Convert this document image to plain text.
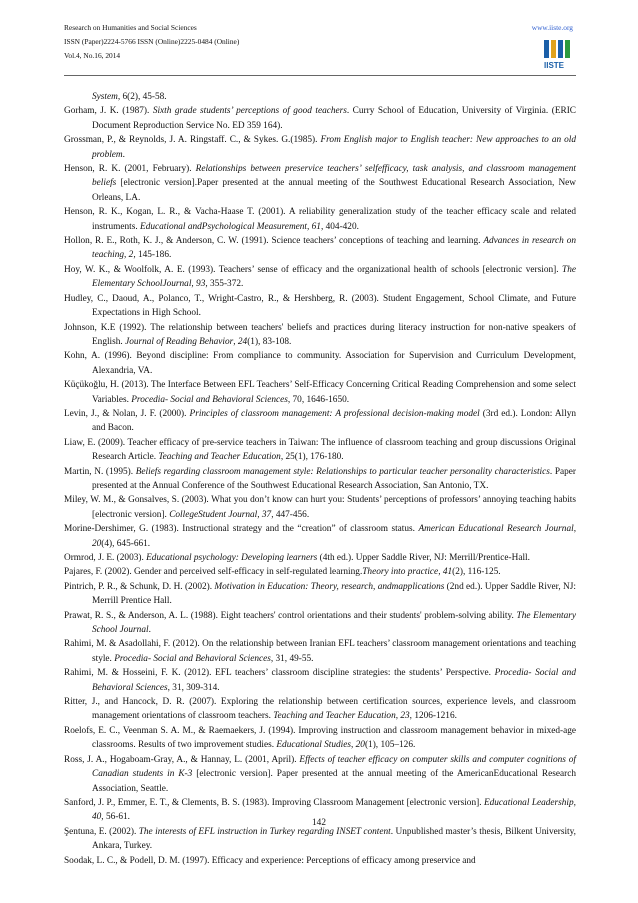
Research on Humanities and Social Sciences
ISSN (Paper)2224-5766 ISSN (Online)2225-0484 (Online)
Vol.4, No.16, 2014
www.iiste.org
IISTE
System, 6(2), 45-58.
Gorham, J. K. (1987). Sixth grade students’ perceptions of good teachers. Curry School of Education, University of Virginia. (ERIC Document Reproduction Service No. ED 359 164).
Grossman, P., & Reynolds, J. A. Ringstaff. C., & Sykes. G.(1985). From English major to English teacher: New approaches to an old problem.
Henson, R. K. (2001, February). Relationships between preservice teachers’ selfefficacy, task analysis, and classroom management beliefs [electronic version].Paper presented at the annual meeting of the Southwest Educational Research Association, New Orleans, LA.
Henson, R. K., Kogan, L. R., & Vacha-Haase T. (2001). A reliability generalization study of the teacher efficacy scale and related instruments. Educational andPsychological Measurement, 61, 404-420.
Hollon, R. E., Roth, K. J., & Anderson, C. W. (1991). Science teachers’ conceptions of teaching and learning. Advances in research on teaching, 2, 145-186.
Hoy, W. K., & Woolfolk, A. E. (1993). Teachers’ sense of efficacy and the organizational health of schools [electronic version]. The Elementary SchoolJournal, 93, 355-372.
Hudley, C., Daoud, A., Polanco, T., Wright-Castro, R., & Hershberg, R. (2003). Student Engagement, School Climate, and Future Expectations in High School.
Johnson, K.E (1992). The relationship between teachers' beliefs and practices during literacy instruction for non-native speakers of English. Journal of Reading Behavior, 24(1), 83-108.
Kohn, A. (1996). Beyond discipline: From compliance to community. Association for Supervision and Curriculum Development, Alexandria, VA.
Küçükoğlu, H. (2013). The Interface Between EFL Teachers’ Self-Efficacy Concerning Critical Reading Comprehension and some select Variables. Procedia- Social and Behavioral Sciences, 70, 1646-1650.
Levin, J., & Nolan, J. F. (2000). Principles of classroom management: A professional decision-making model (3rd ed.). London: Allyn and Bacon.
Liaw, E. (2009). Teacher efficacy of pre-service teachers in Taiwan: The influence of classroom teaching and group discussions Original Research Article. Teaching and Teacher Education, 25(1), 176-180.
Martin, N. (1995). Beliefs regarding classroom management style: Relationships to particular teacher personality characteristics. Paper presented at the Annual Conference of the Southwest Educational Research Association, San Antonio, TX.
Miley, W. M., & Gonsalves, S. (2003). What you don’t know can hurt you: Students’ perceptions of professors’ annoying teaching habits [electronic version]. CollegeStudent Journal, 37, 447-456.
Morine-Dershimer, G. (1983). Instructional strategy and the “creation” of classroom status. American Educational Research Journal, 20(4), 645-661.
Ormrod, J. E. (2003). Educational psychology: Developing learners (4th ed.). Upper Saddle River, NJ: Merrill/Prentice-Hall.
Pajares, F. (2002). Gender and perceived self-efficacy in self-regulated learning.Theory into practice, 41(2), 116-125.
Pintrich, P. R., & Schunk, D. H. (2002). Motivation in Education: Theory, research, andmapplications (2nd ed.). Upper Saddle River, NJ: Merrill Prentice Hall.
Prawat, R. S., & Anderson, A. L. (1988). Eight teachers' control orientations and their students' problem-solving ability. The Elementary School Journal.
Rahimi, M. & Asadollahi, F. (2012). On the relationship between Iranian EFL teachers’ classroom management orientations and teaching style. Procedia- Social and Behavioral Sciences, 31, 49-55.
Rahimi, M. & Hosseini, F. K. (2012). EFL teachers’ classroom discipline strategies: the students’ Perspective. Procedia- Social and Behavioral Sciences, 31, 309-314.
Ritter, J., and Hancock, D. R. (2007). Exploring the relationship between certification sources, experience levels, and classroom management orientations of classroom teachers. Teaching and Teacher Education, 23, 1206-1216.
Roelofs, E. C., Veenman S. A. M., & Raemaekers, J. (1994). Improving instruction and classroom management behavior in mixed-age classrooms. Results of two improvement studies. Educational Studies, 20(1), 105–126.
Ross, J. A., Hogaboam-Gray, A., & Hannay, L. (2001, April). Effects of teacher efficacy on computer skills and computer cognitions of Canadian students in K-3 [electronic version]. Paper presented at the annual meeting of the AmericanEducational Research Association, Seattle.
Sanford, J. P., Emmer, E. T., & Clements, B. S. (1983). Improving Classroom Management [electronic version]. Educational Leadership, 40, 56-61.
Şentuna, E. (2002). The interests of EFL instruction in Turkey regarding INSET content. Unpublished master’s thesis, Bilkent University, Ankara, Turkey.
Soodak, L. C., & Podell, D. M. (1997). Efficacy and experience: Perceptions of efficacy among preservice and
142
